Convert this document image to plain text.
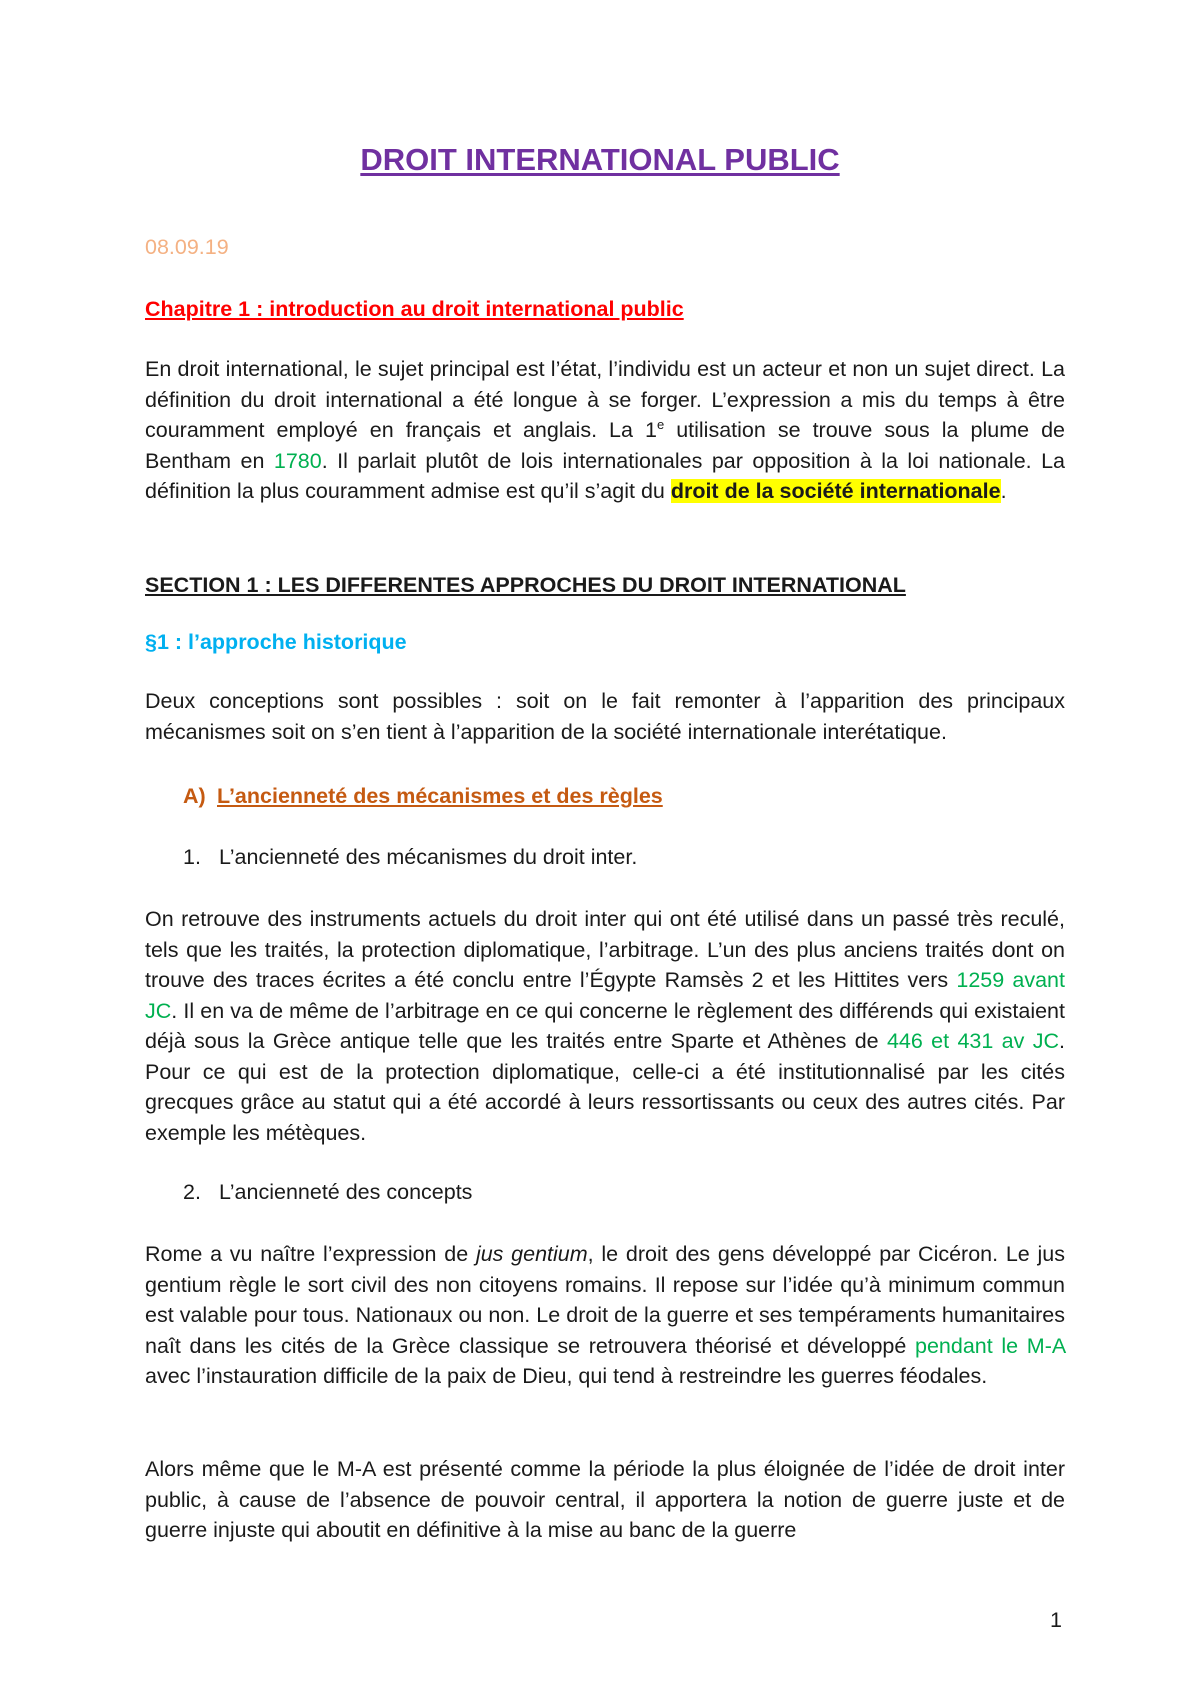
DROIT INTERNATIONAL PUBLIC
08.09.19
Chapitre 1 : introduction au droit international public

En droit international, le sujet principal est l’état, l’individu est un acteur et non un sujet direct. La définition du droit international a été longue à se forger. L’expression a mis du temps à être couramment employé en français et anglais. La 1e utilisation se trouve sous la plume de Bentham en 1780. Il parlait plutôt de lois internationales par opposition à la loi nationale. La définition la plus couramment admise est qu’il s’agit du droit de la société internationale.

SECTION 1 : LES DIFFERENTES APPROCHES DU DROIT INTERNATIONAL
§1 : l’approche historique

Deux conceptions sont possibles : soit on le fait remonter à l’apparition des principaux mécanismes soit on s’en tient à l’apparition de la société internationale interétatique.

A) L’ancienneté des mécanismes et des règles
1. L’ancienneté des mécanismes du droit inter.

On retrouve des instruments actuels du droit inter qui ont été utilisé dans un passé très reculé, tels que les traités, la protection diplomatique, l’arbitrage. L’un des plus anciens traités dont on trouve des traces écrites a été conclu entre l’Égypte Ramsès 2 et les Hittites vers 1259 avant JC. Il en va de même de l’arbitrage en ce qui concerne le règlement des différends qui existaient déjà sous la Grèce antique telle que les traités entre Sparte et Athènes de 446 et 431 av JC. Pour ce qui est de la protection diplomatique, celle-ci a été institutionnalisé par les cités grecques grâce au statut qui a été accordé à leurs ressortissants ou ceux des autres cités. Par exemple les métèques.

2. L’ancienneté des concepts

Rome a vu naître l’expression de jus gentium, le droit des gens développé par Cicéron. Le jus gentium règle le sort civil des non citoyens romains. Il repose sur l’idée qu’à minimum commun est valable pour tous. Nationaux ou non. Le droit de la guerre et ses tempéraments humanitaires naît dans les cités de la Grèce classique se retrouvera théorisé et développé pendant le M-A avec l’instauration difficile de la paix de Dieu, qui tend à restreindre les guerres féodales.

Alors même que le M-A est présenté comme la période la plus éloignée de l’idée de droit inter public, à cause de l’absence de pouvoir central, il apportera la notion de guerre juste et de guerre injuste qui aboutit en définitive à la mise au banc de la guerre

1
